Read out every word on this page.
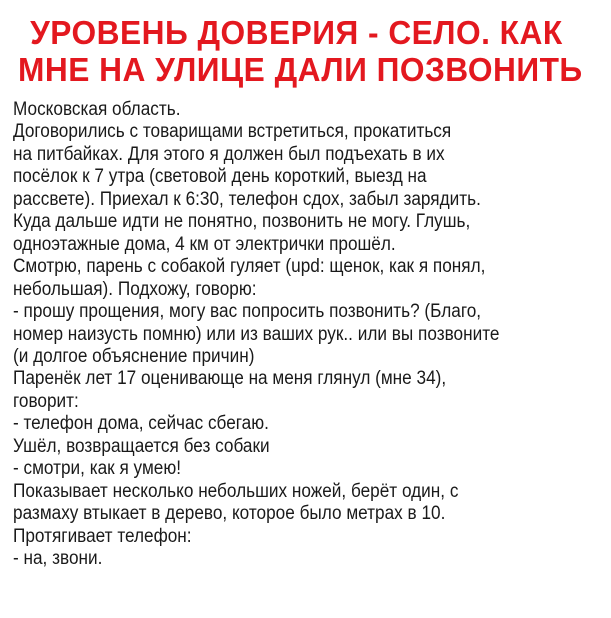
УРОВЕНЬ ДОВЕРИЯ - СЕЛО. КАК
МНЕ НА УЛИЦЕ ДАЛИ ПОЗВОНИТЬ
Московская область.
Договорились с товарищами встретиться, прокатиться
на питбайках. Для этого я должен был подъехать в их
посёлок к 7 утра (световой день короткий, выезд на
рассвете). Приехал к 6:30, телефон сдох, забыл зарядить.
Куда дальше идти не понятно, позвонить не могу. Глушь,
одноэтажные дома, 4 км от электрички прошёл.
Смотрю, парень с собакой гуляет (upd: щенок, как я понял,
небольшая). Подхожу, говорю:
- прошу прощения, могу вас попросить позвонить? (Благо,
номер наизусть помню) или из ваших рук.. или вы позвоните
(и долгое объяснение причин)
Паренёк лет 17 оценивающе на меня глянул (мне 34),
говорит:
- телефон дома, сейчас сбегаю.
Ушёл, возвращается без собаки
- смотри, как я умею!
Показывает несколько небольших ножей, берёт один, с
размаху втыкает в дерево, которое было метрах в 10.
Протягивает телефон:
- на, звони.
